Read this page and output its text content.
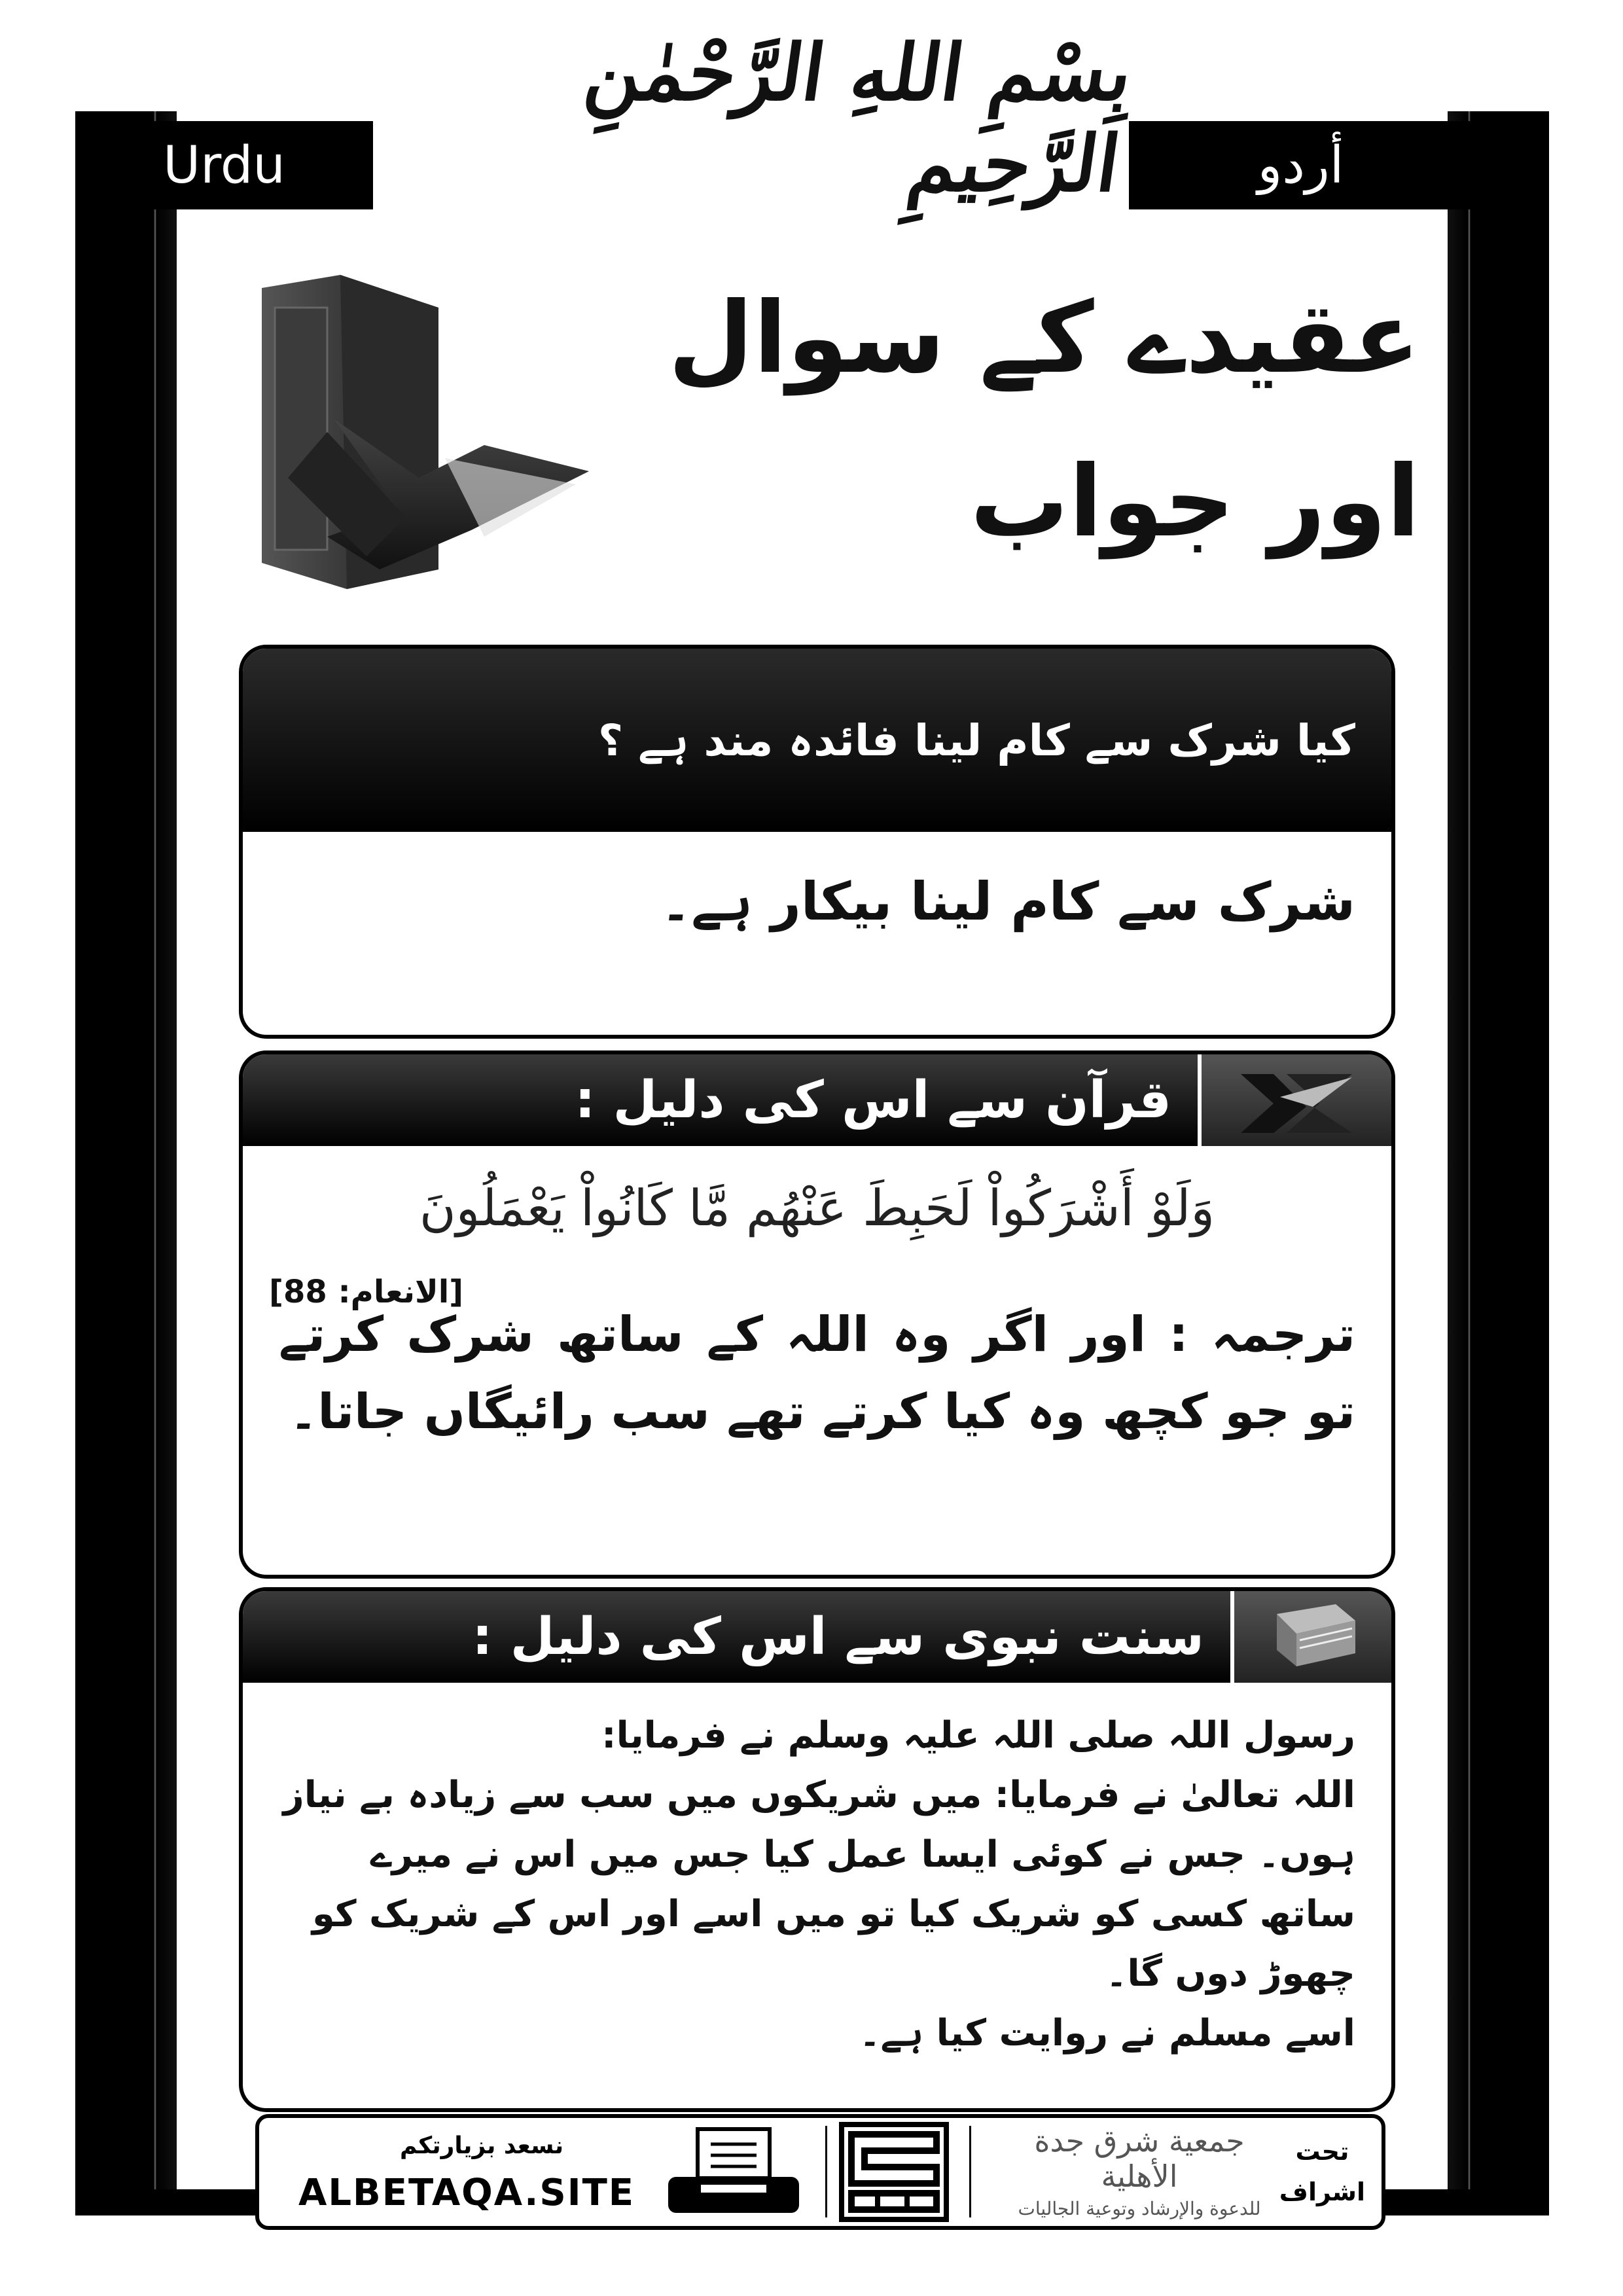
Urdu	أردو
بِسْمِ اللهِ الرَّحْمٰنِ الرَّحِيمِ
عقیدے کے سوال
اور جواب
کیا شرک سے کام لینا فائدہ مند ہے ؟
شرک سے کام لینا بیکار ہے۔
قرآن سے اس کی دلیل :
وَلَوْ أَشْرَكُواْ لَحَبِطَ عَنْهُم مَّا كَانُواْ يَعْمَلُونَ
[الانعام: 88]
ترجمہ : اور اگر وہ اللہ کے ساتھ شرک کرتے تو جو کچھ وہ کیا کرتے تھے سب رائیگاں جاتا۔
سنت نبوی سے اس کی دلیل :

رسول اللہ صلی اللہ علیہ وسلم نے فرمایا:

اللہ تعالیٰ نے فرمایا: میں شریکوں میں سب سے زیادہ بے نیاز ہوں۔ جس نے کوئی ایسا عمل کیا جس میں اس نے میرے ساتھ کسی کو شریک کیا تو میں اسے اور اس کے شریک کو چھوڑ دوں گا۔

اسے مسلم نے روایت کیا ہے۔

نسعد بزيارتكم
ALBETAQA.SITE
جمعية شرق جدة الأهلية
للدعوة والإرشاد وتوعية الجاليات
تحت
اشراف
